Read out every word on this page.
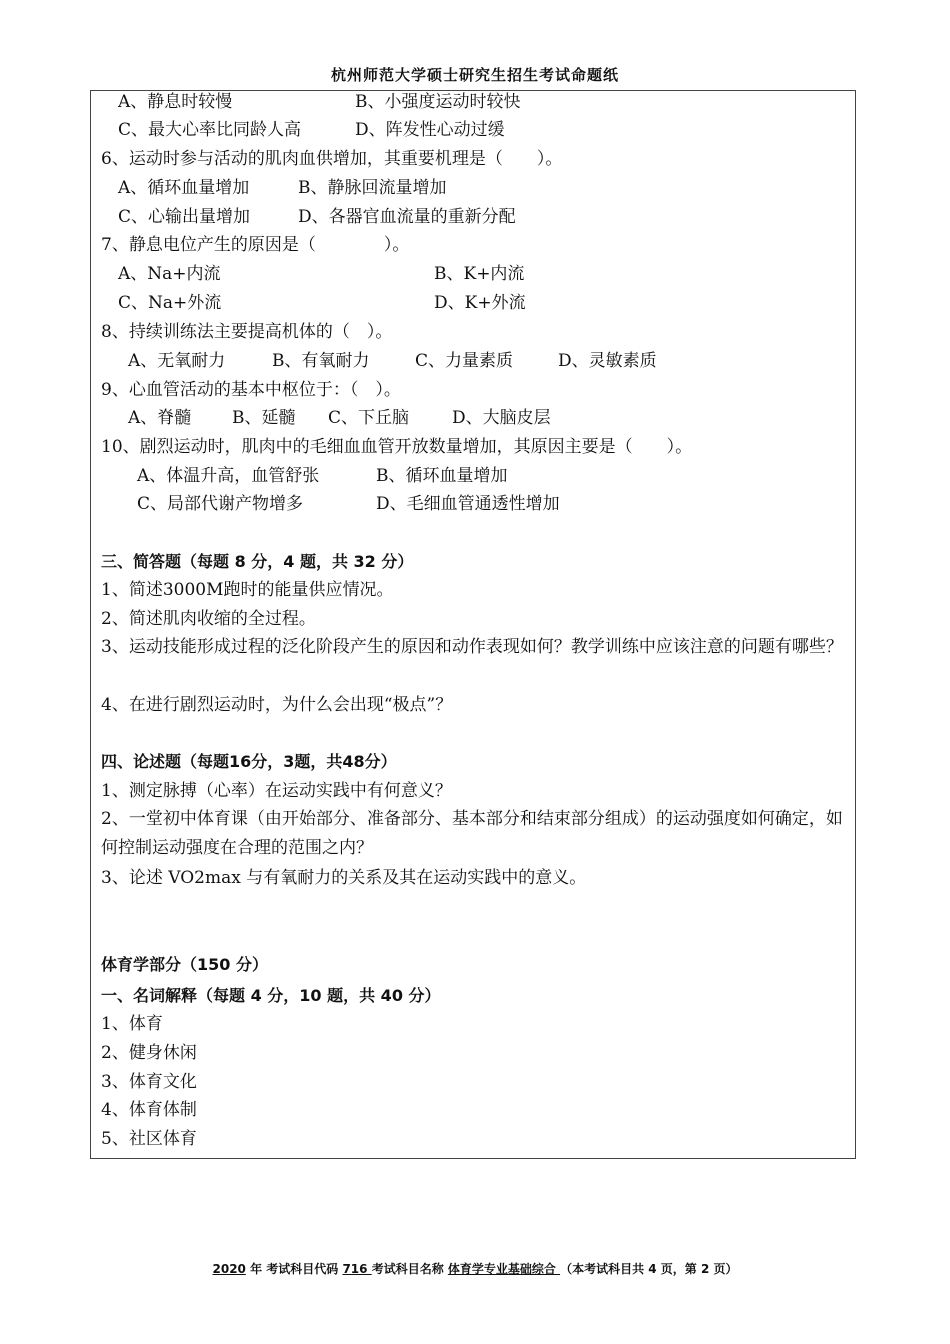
杭州师范大学硕士研究生招生考试命题纸
A、静息时较慢	B、小强度运动时较快
C、最大心率比同龄人高	D、阵发性心动过缓
6、运动时参与活动的肌肉血供增加，其重要机理是（　　）。
A、循环血量增加	B、静脉回流量增加
C、心输出量增加	D、各器官血流量的重新分配
7、静息电位产生的原因是（　　　　）。
A、Na+内流	B、K+内流
C、Na+外流	D、K+外流
8、持续训练法主要提高机体的（　）。
A、无氧耐力	B、有氧耐力	C、力量素质	D、灵敏素质
9、心血管活动的基本中枢位于：（　）。
A、脊髓 B、延髓 C、下丘脑	D、大脑皮层
10、剧烈运动时，肌肉中的毛细血血管开放数量增加，其原因主要是（　　）。
A、体温升高，血管舒张	B、循环血量增加
C、局部代谢产物增多	D、毛细血管通透性增加
三、简答题（每题 8 分，4 题，共 32 分）
1、简述3000M跑时的能量供应情况。
2、简述肌肉收缩的全过程。
3、运动技能形成过程的泛化阶段产生的原因和动作表现如何？教学训练中应该注意的问题有哪些？
4、在进行剧烈运动时，为什么会出现“极点”？
四、论述题（每题16分，3题，共48分）
1、测定脉搏（心率）在运动实践中有何意义？
2、一堂初中体育课（由开始部分、准备部分、基本部分和结束部分组成）的运动强度如何确定，如何控制运动强度在合理的范围之内？
3、论述 VO2max 与有氧耐力的关系及其在运动实践中的意义。
体育学部分（150 分）
一、名词解释（每题 4 分，10 题，共 40 分）
1、体育
2、健身休闲
3、体育文化
4、体育体制
5、社区体育
2020 年 考试科目代码 716 考试科目名称 体育学专业基础综合 （本考试科目共 4 页，第 2 页）
